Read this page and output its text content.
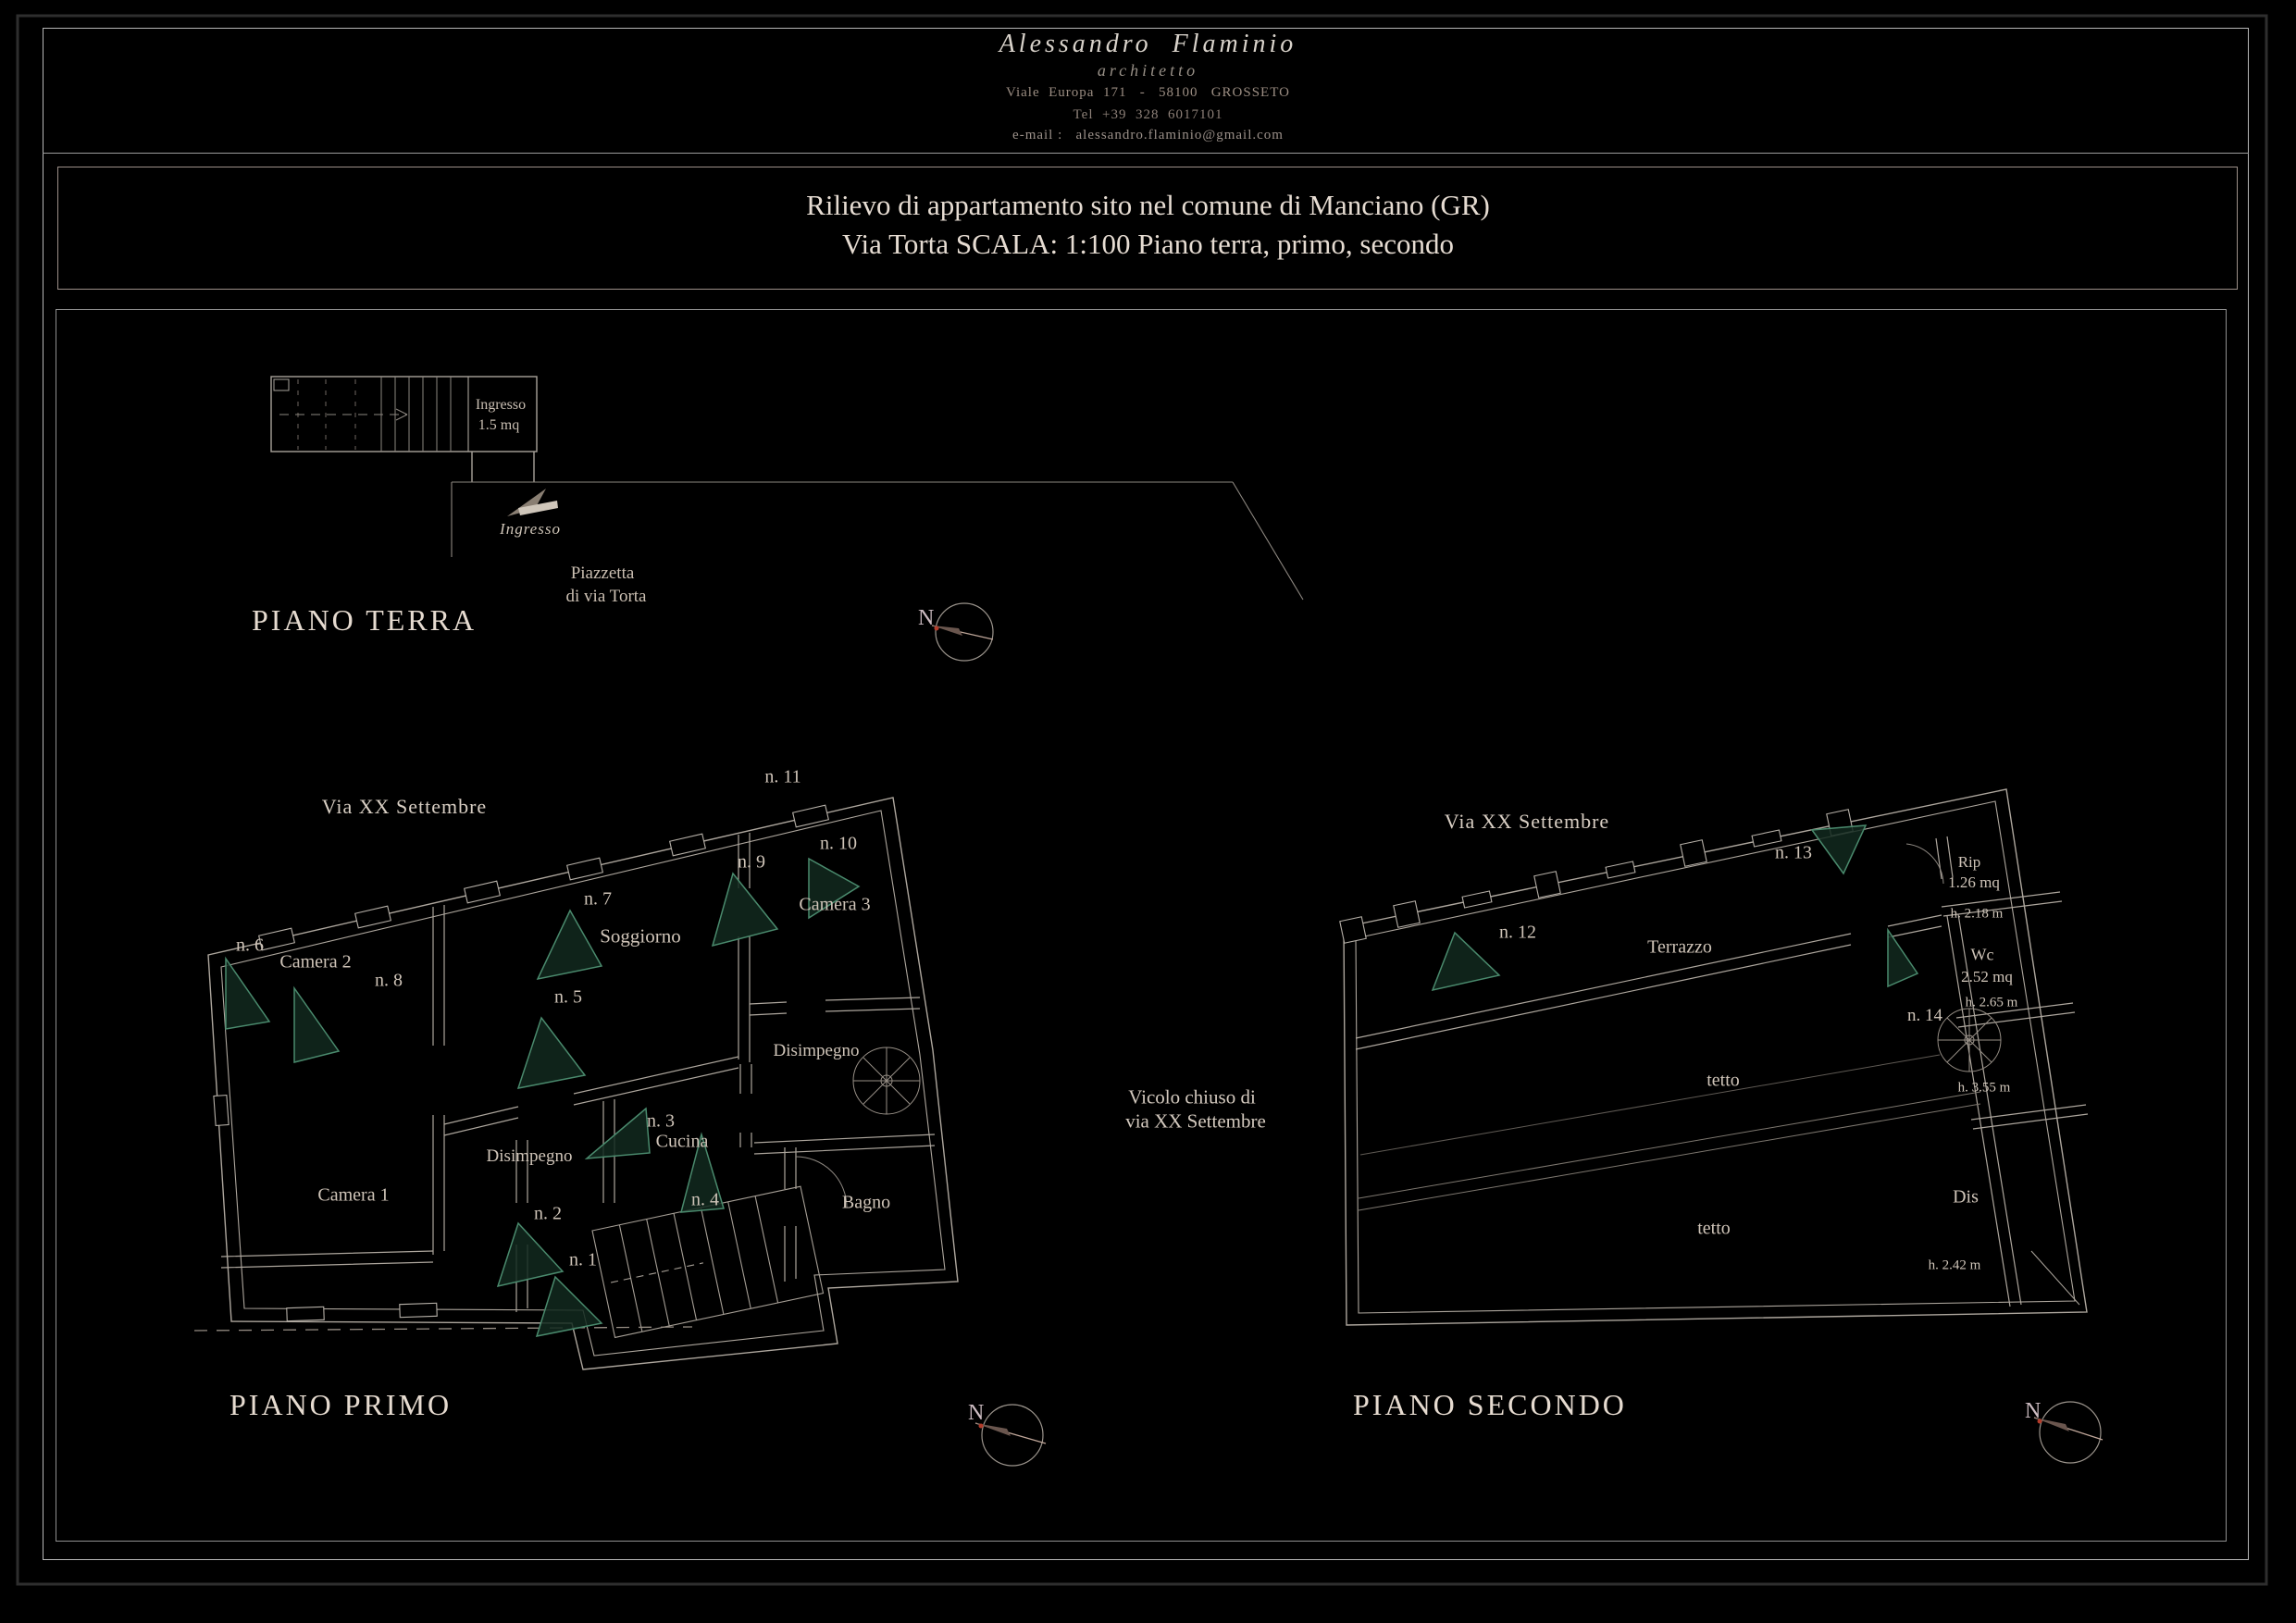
Alessandro  Flaminio
architetto
Viale  Europa  171   -   58100   GROSSETO
Tel  +39  328  6017101
e-mail :   alessandro.flaminio@gmail.com
Rilievo di appartamento sito nel comune di Manciano (GR)
Via Torta SCALA: 1:100 Piano terra, primo, secondo
Ingresso
1.5 mq
Ingresso
Piazzetta
di via Torta
PIANO TERRA	N
Via XX Settembre
n. 11
n. 9
n. 10
Camera 3
n. 7
Soggiorno
n. 6
Camera 2
n. 8
n. 5
Disimpegno
Camera 1
n. 3
Cucina
Disimpegno
n. 2
n. 4	Bagno
n. 1
PIANO PRIMO	N
Via XX Settembre
n. 13
Terrazzo
n. 12
Rip
1.26 mq
h. 2.18 m
Wc
2.52 mq
h. 2.65 m
n. 14
h. 3.55 m
tetto
tetto
Dis
h. 2.42 m
Vicolo chiuso di
via XX Settembre
PIANO SECONDO	N
